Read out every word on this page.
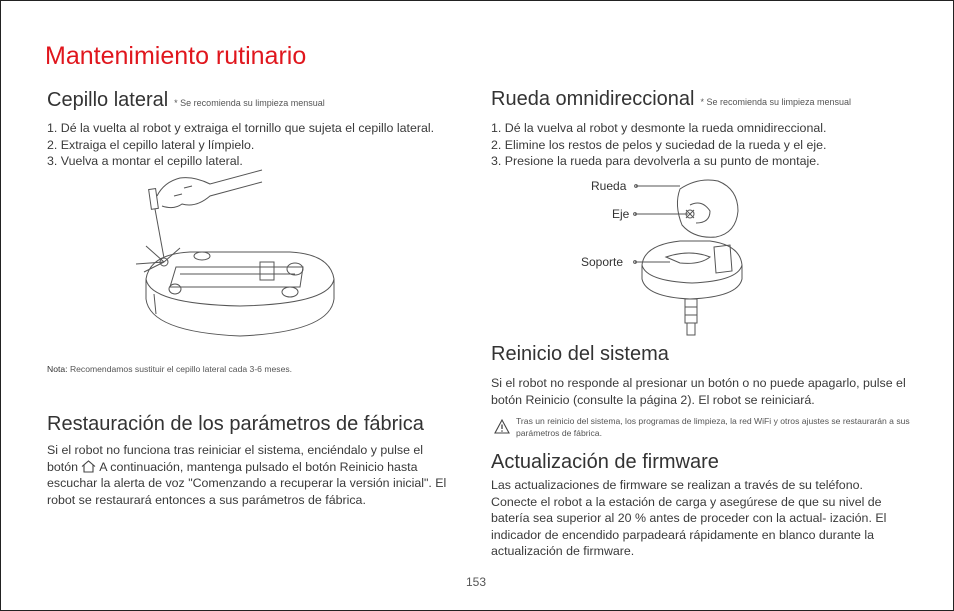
Mantenimiento rutinario
Cepillo lateral * Se recomienda su limpieza mensual
1. Dé la vuelta al robot y extraiga el tornillo que sujeta el cepillo lateral.
2. Extraiga el cepillo lateral y límpielo.
3. Vuelva a montar el cepillo lateral.
Nota: Recomendamos sustituir el cepillo lateral cada 3-6 meses.
Restauración de los parámetros de fábrica
Si el robot no funciona tras reiniciar el sistema, enciéndalo y pulse el botón A continuación, mantenga pulsado el botón Reinicio hasta escuchar la alerta de voz "Comenzando a recuperar la versión inicial". El robot se restaurará entonces a sus parámetros de fábrica.
Rueda omnidireccional * Se recomienda su limpieza mensual
1. Dé la vuelva al robot y desmonte la rueda omnidireccional.
2. Elimine los restos de pelos y suciedad de la rueda y el eje.
3. Presione la rueda para devolverla a su punto de montaje.
Rueda
Eje
Soporte
Reinicio del sistema
Si el robot no responde al presionar un botón o no puede apagarlo, pulse el botón Reinicio (consulte la página 2). El robot se reiniciará.
Tras un reinicio del sistema, los programas de limpieza, la red WiFi y otros ajustes se restaurarán a sus parámetros de fábrica.
Actualización de firmware
Las actualizaciones de firmware se realizan a través de su teléfono. Conecte el robot a la estación de carga y asegúrese de que su nivel de batería sea superior al 20 % antes de proceder con la actual- ización. El indicador de encendido parpadeará rápidamente en blanco durante la actualización de firmware.
153
